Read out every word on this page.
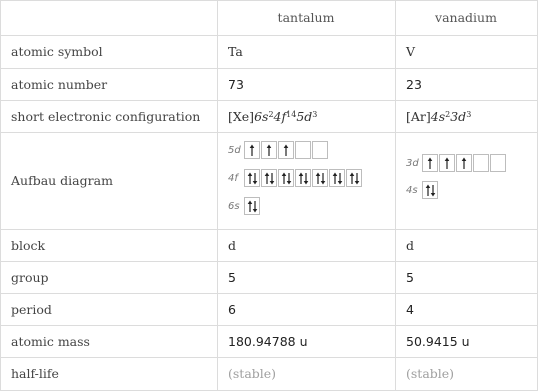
tantalum	vanadium
atomic symbol
atomic number
short electronic configuration
Aufbau diagram
block
group
period
atomic mass
half-life
Ta
73
[Xe] $6s^2$ $4f^{14}$ $5d^3$
5d
4f
6s
d
5
6
180.94788 u
(stable)
V
23
[Ar] $4s^2$ $3d^3$
3d
4s
d
5
4
50.9415 u
(stable)
